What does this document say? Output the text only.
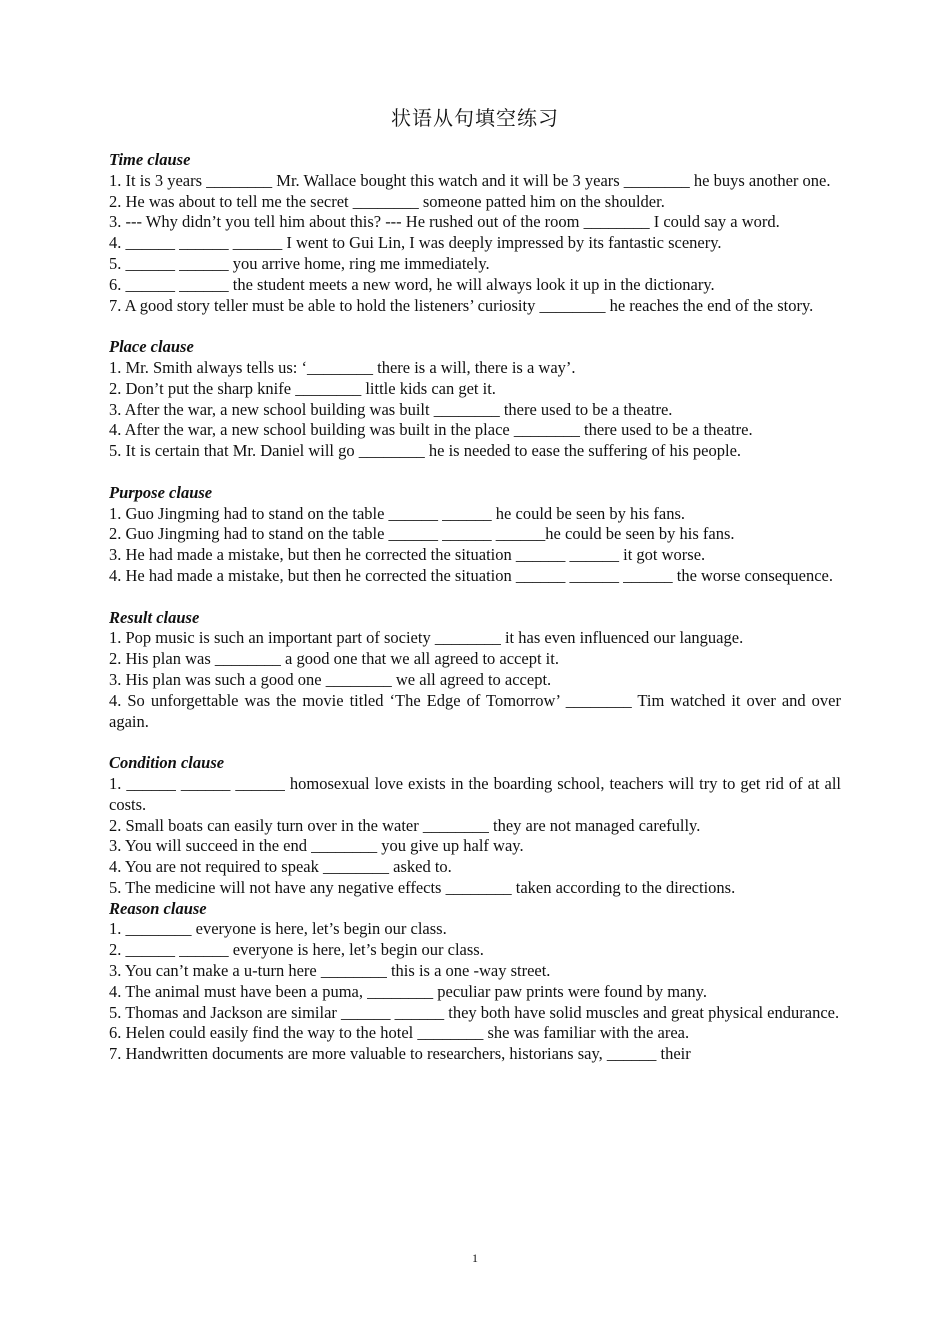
状语从句填空练习
Time clause
1. It is 3 years ________ Mr. Wallace bought this watch and it will be 3 years ________ he buys another one.
2. He was about to tell me the secret ________ someone patted him on the shoulder.
3. --- Why didn’t you tell him about this? --- He rushed out of the room ________ I could say a word.
4. ______ ______ ______ I went to Gui Lin, I was deeply impressed by its fantastic scenery.
5. ______ ______ you arrive home, ring me immediately.
6. ______ ______ the student meets a new word, he will always look it up in the dictionary.
7. A good story teller must be able to hold the listeners’ curiosity ________ he reaches the end of the story.
Place clause
1. Mr. Smith always tells us: ‘________ there is a will, there is a way’.
2. Don’t put the sharp knife ________ little kids can get it.
3. After the war, a new school building was built ________ there used to be a theatre.
4. After the war, a new school building was built in the place ________ there used to be a theatre.
5. It is certain that Mr. Daniel will go ________ he is needed to ease the suffering of his people.
Purpose clause
1. Guo Jingming had to stand on the table ______ ______ he could be seen by his fans.
2. Guo Jingming had to stand on the table ______ ______ ______he could be seen by his fans.
3. He had made a mistake, but then he corrected the situation ______ ______ it got worse.
4. He had made a mistake, but then he corrected the situation ______ ______ ______ the worse consequence.
Result clause
1. Pop music is such an important part of society ________ it has even influenced our language.
2. His plan was ________ a good one that we all agreed to accept it.
3. His plan was such a good one ________ we all agreed to accept.
4. So unforgettable was the movie titled ‘The Edge of Tomorrow’ ________ Tim watched it over and over again.
Condition clause
1. ______ ______ ______ homosexual love exists in the boarding school, teachers will try to get rid of at all costs.
2. Small boats can easily turn over in the water ________ they are not managed carefully.
3. You will succeed in the end ________ you give up half way.
4. You are not required to speak ________ asked to.
5. The medicine will not have any negative effects ________ taken according to the directions.
Reason clause
1. ________ everyone is here, let’s begin our class.
2. ______ ______ everyone is here, let’s begin our class.
3. You can’t make a u-turn here ________ this is a one -way street.
4. The animal must have been a puma, ________ peculiar paw prints were found by many.
5. Thomas and Jackson are similar ______ ______ they both have solid muscles and great physical endurance.
6. Helen could easily find the way to the hotel ________ she was familiar with the area.
7. Handwritten documents are more valuable to researchers, historians say, ______ their
1
